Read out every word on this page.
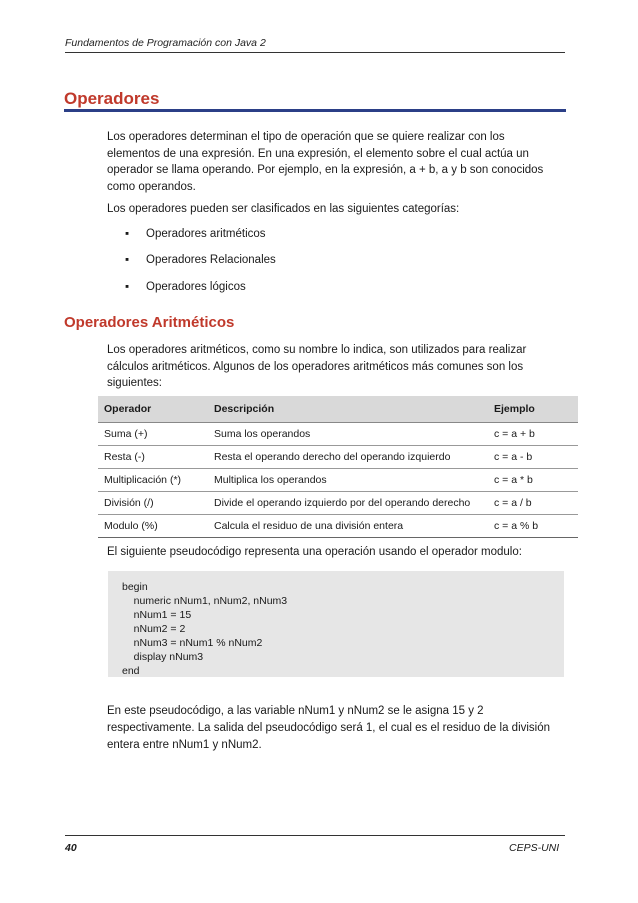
Fundamentos de Programación con Java 2
Operadores
Los operadores determinan el tipo de operación que se quiere realizar con los
elementos de una expresión. En una expresión, el elemento sobre el cual actúa un
operador se llama operando. Por ejemplo, en la expresión, a + b, a y b son conocidos
como operandos.
Los operadores pueden ser clasificados en las siguientes categorías:
▪ Operadores aritméticos
▪ Operadores Relacionales
▪ Operadores lógicos
Operadores Aritméticos
Los operadores aritméticos, como su nombre lo indica, son utilizados para realizar
cálculos aritméticos. Algunos de los operadores aritméticos más comunes son los
siguientes:
Operador	Descripción	Ejemplo
Suma (+)	Suma los operandos	c = a + b
Resta (-)	Resta el operando derecho del operando izquierdo	c = a - b
Multiplicación (*)	Multiplica los operandos	c = a * b
División (/)	Divide el operando izquierdo por del operando derecho	c = a / b
Modulo (%)	Calcula el residuo de una división entera	c = a % b
El siguiente pseudocódigo representa una operación usando el operador modulo:
begin
numeric nNum1, nNum2, nNum3
nNum1 = 15
nNum2 = 2
nNum3 = nNum1 % nNum2
display nNum3
end
En este pseudocódigo, a las variable nNum1 y nNum2 se le asigna 15 y 2
respectivamente. La salida del pseudocódigo será 1, el cual es el residuo de la división
entera entre nNum1 y nNum2.
40	CEPS-UNI
